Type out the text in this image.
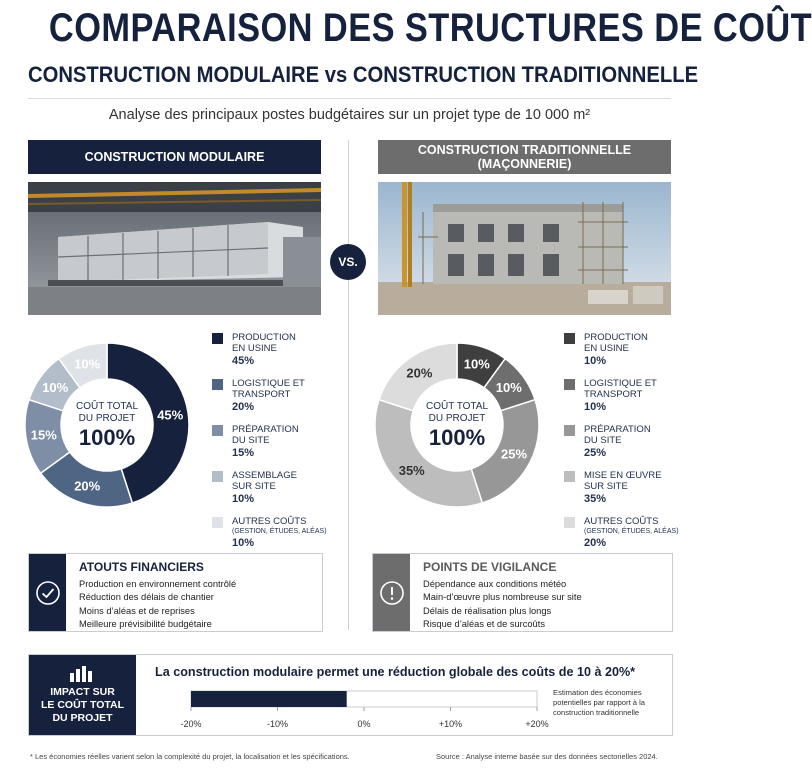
COMPARAISON DES STRUCTURES DE COÛT
CONSTRUCTION MODULAIRE vs CONSTRUCTION TRADITIONNELLE
Analyse des principaux postes budgétaires sur un projet type de 10 000 m²
CONSTRUCTION MODULAIRE	CONSTRUCTION TRADITIONNELLE
(MAÇONNERIE)
VS.
45%
20%
15%
10%
10%
COÛT TOTAL
DU PROJET
100%
10%
10%
25%
35%
20%
COÛT TOTAL
DU PROJET
100%
PRODUCTION
EN USINE
45%
LOGISTIQUE ET
TRANSPORT
20%
PRÉPARATION
DU SITE
15%
ASSEMBLAGE
SUR SITE
10%
AUTRES COÛTS
(GESTION, ÉTUDES, ALÉAS)
10%
PRODUCTION
EN USINE
10%
LOGISTIQUE ET
TRANSPORT
10%
PRÉPARATION
DU SITE
25%
MISE EN ŒUVRE
SUR SITE
35%
AUTRES COÛTS
(GESTION, ÉTUDES, ALÉAS)
20%
ATOUTS FINANCIERS
Production en environnement contrôlé
Réduction des délais de chantier
Moins d’aléas et de reprises
Meilleure prévisibilité budgétaire
POINTS DE VIGILANCE
Dépendance aux conditions météo
Main-d’œuvre plus nombreuse sur site
Délais de réalisation plus longs
Risque d’aléas et de surcoûts
IMPACT SUR
LE COÛT TOTAL
DU PROJET
La construction modulaire permet une réduction globale des coûts de 10 à 20%*
-20%	-10%	0%	+10%	+20%
Estimation des économies potentielles par rapport à la construction traditionnelle
* Les économies réelles varient selon la complexité du projet, la localisation et les spécifications.	Source : Analyse interne basée sur des données sectorielles 2024.
